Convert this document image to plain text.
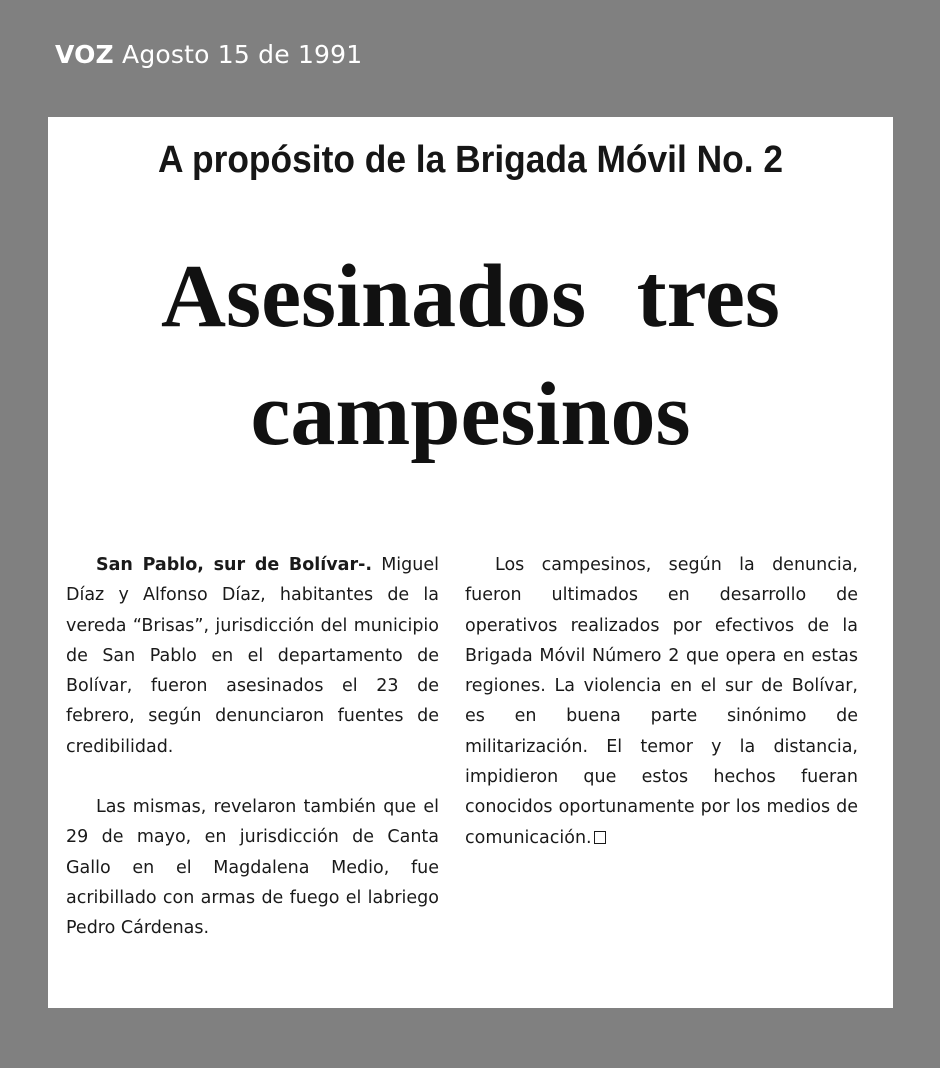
VOZ Agosto 15 de 1991
A propósito de la Brigada Móvil No. 2
Asesinados tres
campesinos

San Pablo, sur de Bolívar-. Miguel Díaz y Alfonso Díaz, habitantes de la vereda “Brisas”, jurisdicción del municipio de San Pablo en el departamento de Bolívar, fueron asesinados el 23 de febrero, según denunciaron fuentes de credibilidad.

Las mismas, revelaron también que el 29 de mayo, en jurisdicción de Canta Gallo en el Magdalena Medio, fue acribillado con armas de fuego el labriego Pedro Cárdenas.

Los campesinos, según la denuncia, fueron ultimados en desarrollo de operativos realizados por efectivos de la Brigada Móvil Número 2 que opera en estas regiones. La violencia en el sur de Bolívar, es en buena parte sinónimo de militarización. El temor y la distancia, impidieron que estos hechos fueran conocidos oportunamente por los medios de comunicación.
